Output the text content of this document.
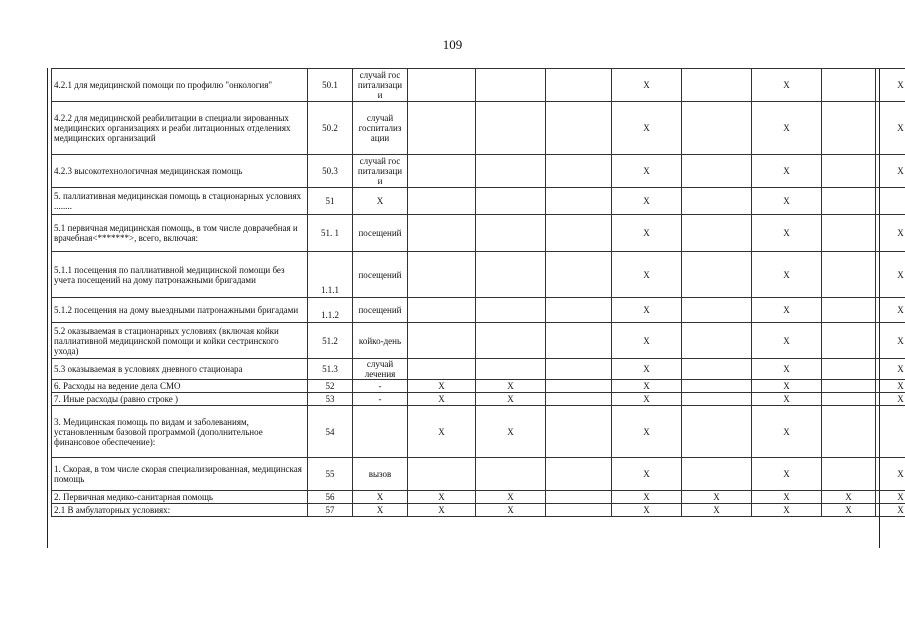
109
4.2.1 для медицинской помощи по профилю "онкология"	50.1	случай гос питализаци и				X		X		X
4.2.2 для медицинской реабилитации в специали зированных медицинских организациях и реаби литационных отделениях медицинских организаций	50.2	случай госпитализ ации				X		X		X
4.2.3 высокотехнологичная медицинская помощь	50.3	случай гос питализаци и				X		X		X
5. паллиативная медицинская помощь в стационарных условиях ........	51	X				X		X		
5.1 первичная медицинская помощь, в том числе доврачебная и врачебная<*******>, всего, включая:	51. 1	посещений				X		X		X
5.1.1 посещения по паллиативной медицинской помощи без учета посещений на дому патронажными бригадами	1.1.1	посещений				X		X		X
5.1.2 посещения на дому выездными патронажными бригадами	1.1.2	посещений				X		X		X
5.2 оказываемая в стационарных условиях (включая койки паллиативной медицинской помощи и койки сестринского ухода)	51.2	койко-день				X		X		X
5.3 оказываемая в условиях дневного стационара	51.3	случай лечения				X		X		X
6. Расходы на ведение дела СМО	52	-	X	X		X		X		X
7. Иные расходы (равно строке )	53	-	X	X		X		X		X
3. Медицинская помощь по видам и заболеваниям, установленным базовой программой (дополнительное финансовое обеспечение):	54		X	X		X		X		
1. Скорая, в том числе скорая специализированная, медицинская помощь	55	вызов				X		X		X
2. Первичная медико-санитарная помощь	56	X	X	X		X	X	X	X	X
2.1 В амбулаторных условиях:	57	X	X	X		X	X	X	X	X
